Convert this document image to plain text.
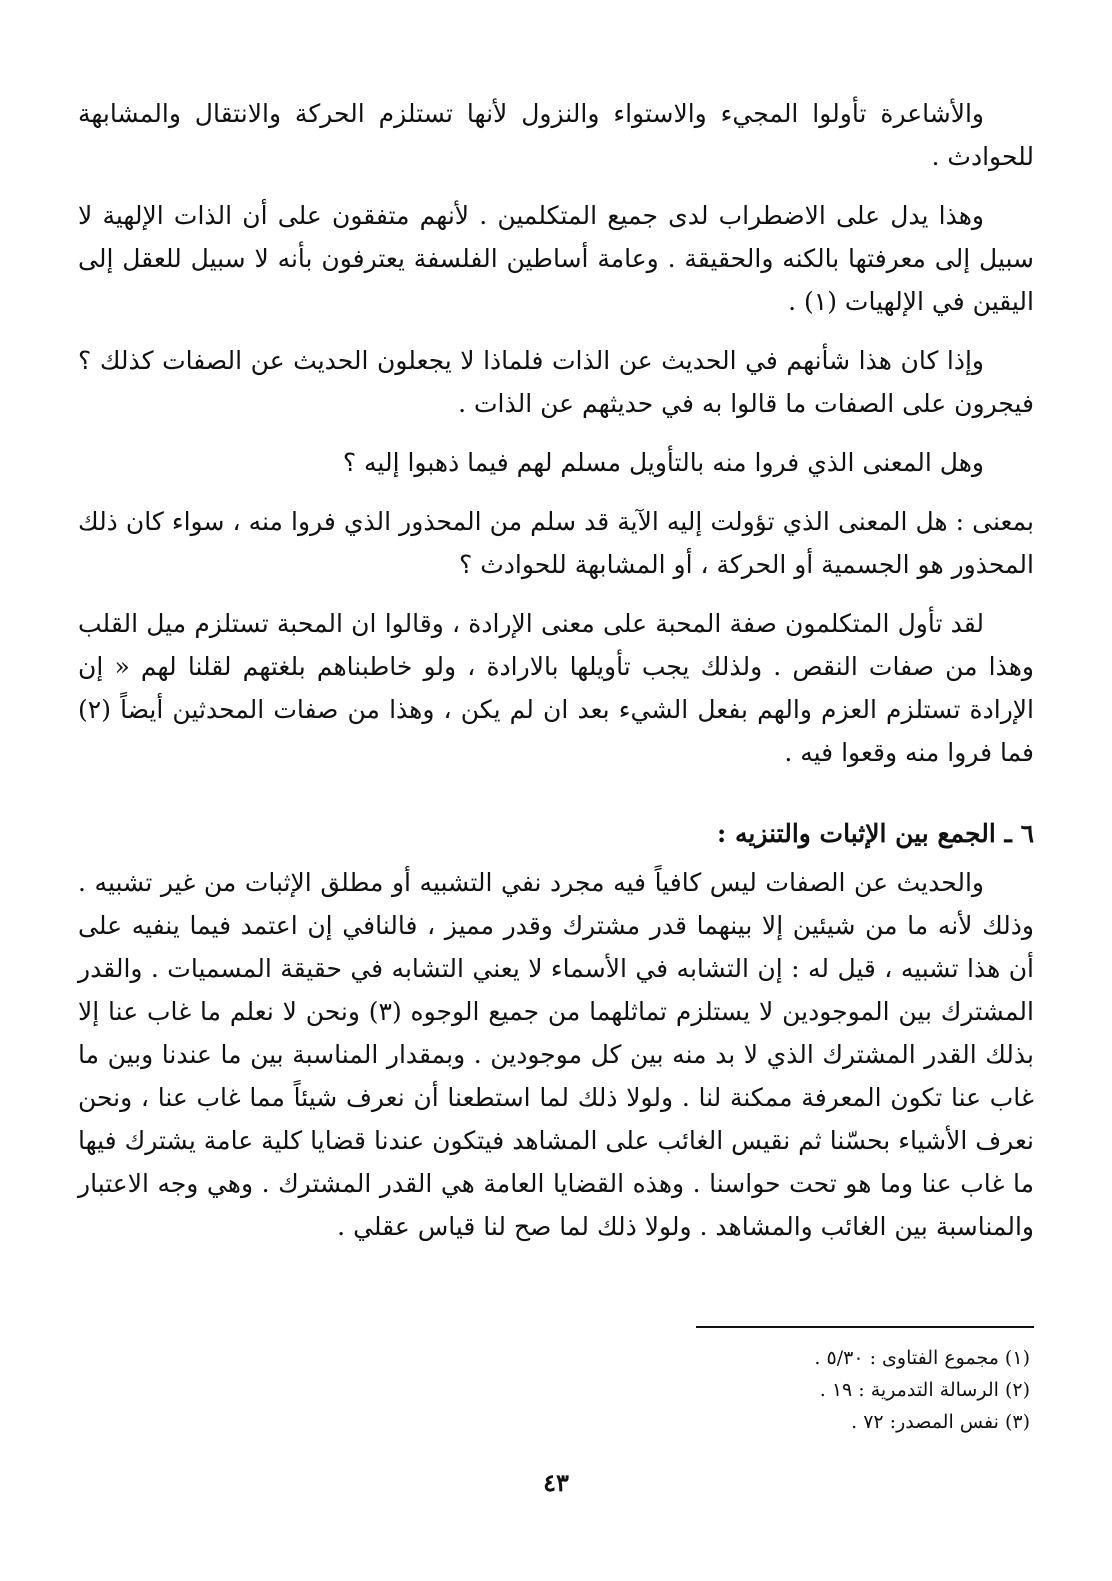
والأشاعرة تأولوا المجيء والاستواء والنزول لأنها تستلزم الحركة والانتقال والمشابهة للحوادث .

وهذا يدل على الاضطراب لدى جميع المتكلمين . لأنهم متفقون على أن الذات الإلهية لا سبيل إلى معرفتها بالكنه والحقيقة . وعامة أساطين الفلسفة يعترفون بأنه لا سبيل للعقل إلى اليقين في الإلهيات (١) .

وإذا كان هذا شأنهم في الحديث عن الذات فلماذا لا يجعلون الحديث عن الصفات كذلك ؟ فيجرون على الصفات ما قالوا به في حديثهم عن الذات .

وهل المعنى الذي فروا منه بالتأويل مسلم لهم فيما ذهبوا إليه ؟

بمعنى : هل المعنى الذي تؤولت إليه الآية قد سلم من المحذور الذي فروا منه ، سواء كان ذلك المحذور هو الجسمية أو الحركة ، أو المشابهة للحوادث ؟

لقد تأول المتكلمون صفة المحبة على معنى الإرادة ، وقالوا ان المحبة تستلزم ميل القلب وهذا من صفات النقص . ولذلك يجب تأويلها بالارادة ، ولو خاطبناهم بلغتهم لقلنا لهم « إن الإرادة تستلزم العزم والهم بفعل الشيء بعد ان لم يكن ، وهذا من صفات المحدثين أيضاً (٢) فما فروا منه وقعوا فيه .

٦ ـ الجمع بين الإثبات والتنزيه :

والحديث عن الصفات ليس كافياً فيه مجرد نفي التشبيه أو مطلق الإثبات من غير تشبيه . وذلك لأنه ما من شيئين إلا بينهما قدر مشترك وقدر مميز ، فالنافي إن اعتمد فيما ينفيه على أن هذا تشبيه ، قيل له : إن التشابه في الأسماء لا يعني التشابه في حقيقة المسميات . والقدر المشترك بين الموجودين لا يستلزم تماثلهما من جميع الوجوه (٣) ونحن لا نعلم ما غاب عنا إلا بذلك القدر المشترك الذي لا بد منه بين كل موجودين . وبمقدار المناسبة بين ما عندنا وبين ما غاب عنا تكون المعرفة ممكنة لنا . ولولا ذلك لما استطعنا أن نعرف شيئاً مما غاب عنا ، ونحن نعرف الأشياء بحسّنا ثم نقيس الغائب على المشاهد فيتكون عندنا قضايا كلية عامة يشترك فيها ما غاب عنا وما هو تحت حواسنا . وهذه القضايا العامة هي القدر المشترك . وهي وجه الاعتبار والمناسبة بين الغائب والمشاهد . ولولا ذلك لما صح لنا قياس عقلي .

(١) مجموع الفتاوى : ٥/٣٠ .

(٢) الرسالة التدمرية : ١٩ .

(٣) نفس المصدر: ٧٢ .

٤٣
